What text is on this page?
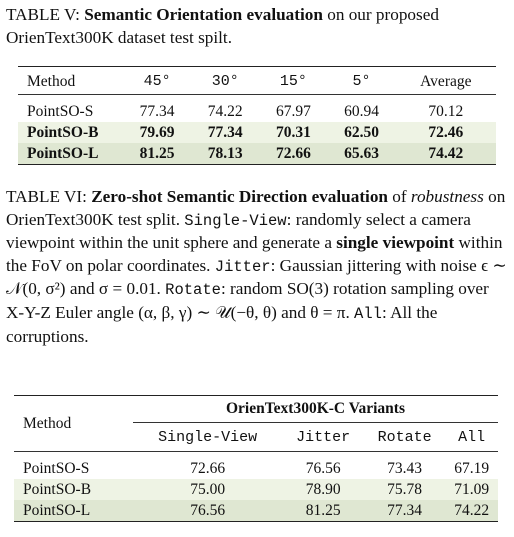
TABLE V: Semantic Orientation evaluation on our proposed OrienText300K dataset test spilt.
Method	45°	30°	15°	5°	Average

PointSO-S	77.34	74.22	67.97	60.94	70.12
PointSO-B	79.69	77.34	70.31	62.50	72.46
PointSO-L	81.25	78.13	72.66	65.63	74.42
TABLE VI: Zero-shot Semantic Direction evaluation of robustness on OrienText300K test split. Single-View: randomly select a camera viewpoint within the unit sphere and generate a single viewpoint within the FoV on polar coordinates. Jitter: Gaussian jittering with noise ϵ ∼ 𝒩(0, σ²) and σ = 0.01. Rotate: random SO(3) rotation sampling over X-Y-Z Euler angle (α, β, γ) ∼ 𝒰(−θ, θ) and θ = π. All: All the corruptions.
Method	OrienText300K-C Variants			
	Single-View	Jitter	Rotate	All

PointSO-S	72.66	76.56	73.43	67.19
PointSO-B	75.00	78.90	75.78	71.09
PointSO-L	76.56	81.25	77.34	74.22
